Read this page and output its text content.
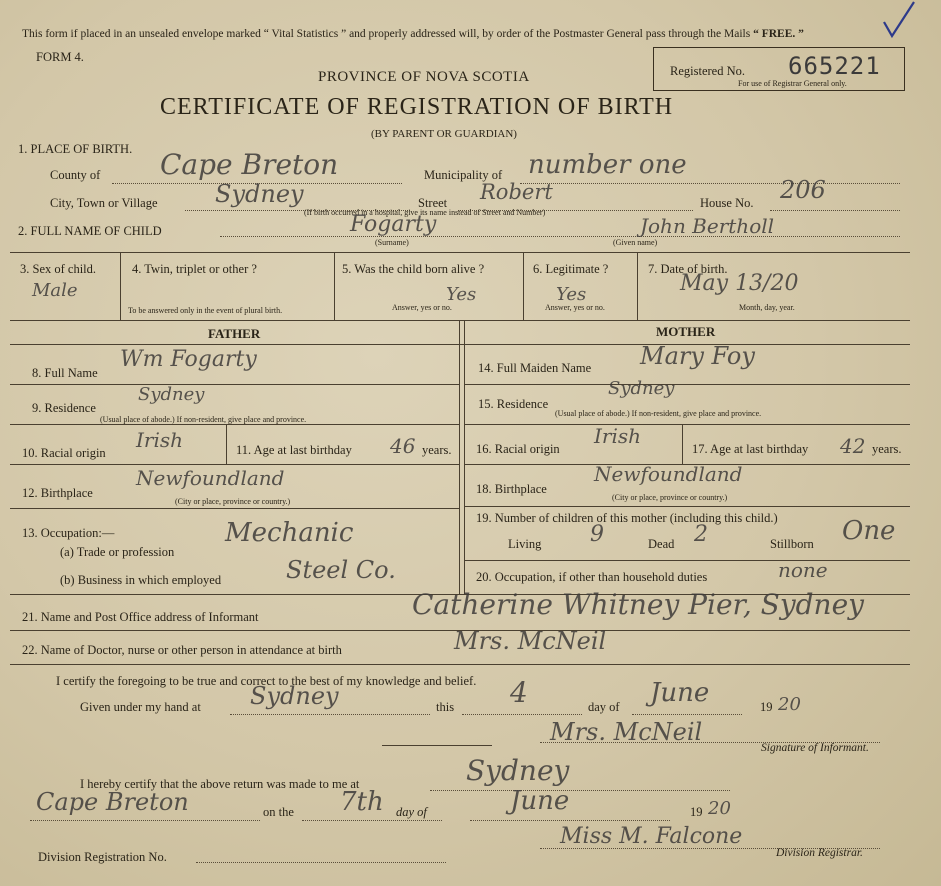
This form if placed in an unsealed envelope marked “ Vital Statistics ” and properly addressed will, by order of the Postmaster General pass through the Mails “ FREE. ”
FORM 4.
PROVINCE OF NOVA SCOTIA
CERTIFICATE OF REGISTRATION OF BIRTH
(BY PARENT OR GUARDIAN)
Registered No. 665221
For use of Registrar General only.
1. PLACE OF BIRTH.
County of Cape Breton	Municipality of number one
City, Town or Village Sydney	Street Robert	House No. 206
(If birth occurred in a hospital, give its name instead of Street and Number)
2. FULL NAME OF CHILD	Fogarty	John Bertholl
(Surname)	(Given name)
3. Sex of child.
Male
4. Twin, triplet or other ?
To be answered only in the event of plural birth.
5. Was the child born alive ?
Yes
Answer, yes or no.
6. Legitimate ?
Yes
Answer, yes or no.
7. Date of birth.
May 13/20
Month, day, year.
FATHER	MOTHER
8. Full Name
Wm Fogarty
9. Residence
Sydney
(Usual place of abode.) If non-resident, give place and province.
10. Racial origin
Irish	11. Age at last birthday 46 years.
12. Birthplace
Newfoundland
(City or place, province or country.)
13. Occupation:—
(a) Trade or profession
Mechanic
(b) Business in which employed	Steel Co.
14. Full Maiden Name Mary Foy
15. Residence
Sydney
(Usual place of abode.) If non-resident, give place and province.
16. Racial origin
Irish
17. Age at last birthday 42 years.
18. Birthplace
Newfoundland
(City or place, province or country.)
19. Number of children of this mother (including this child.)
Living 9	Dead 2	Stillborn One
20. Occupation, if other than household duties	none
21. Name and Post Office address of Informant	Catherine Whitney Pier, Sydney
22. Name of Doctor, nurse or other person in attendance at birth	Mrs. McNeil
I certify the foregoing to be true and correct to the best of my knowledge and belief.
Given under my hand at Sydney	this 4	day of June	19 20
Mrs. McNeil
Signature of Informant.
I hereby certify that the above return was made to me at	Sydney
Cape Breton	on the 7th day of	June	19 20
Miss M. Falcone
Division Registration No.	Division Registrar.
